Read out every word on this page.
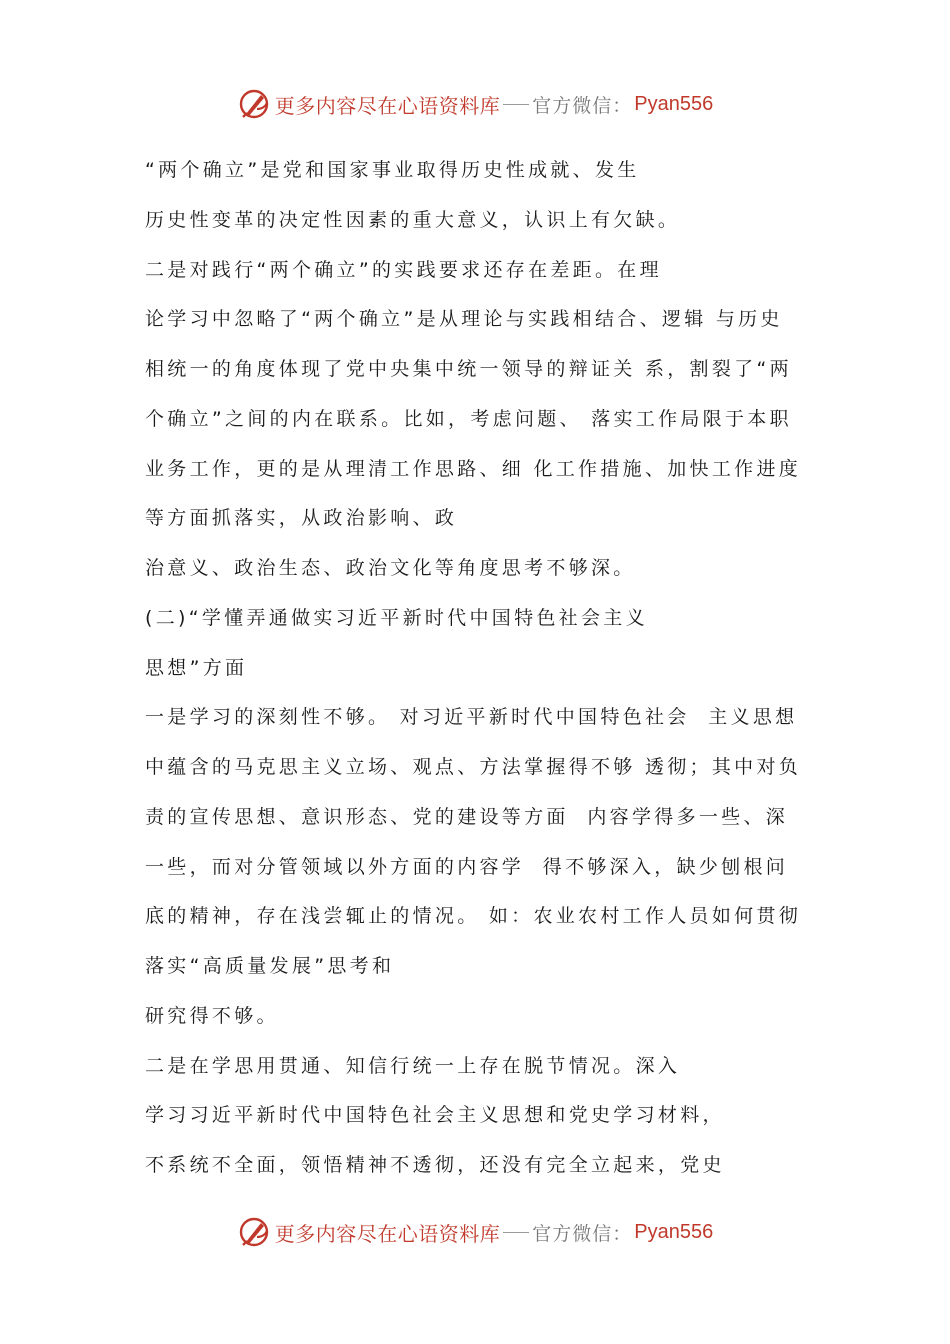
更多内容尽在心语资料库 官方微信： Pyan556
“两个确立”是党和国家事业取得历史性成就、发生
历史性变革的决定性因素的重大意义，认识上有欠缺。
二是对践行“两个确立”的实践要求还存在差距。在理
论学习中忽略了“两个确立”是从理论与实践相结合、逻辑 与历史
相统一的角度体现了党中央集中统一领导的辩证关 系，割裂了“两
个确立”之间的内在联系。比如，考虑问题、 落实工作局限于本职
业务工作，更的是从理清工作思路、细 化工作措施、加快工作进度
等方面抓落实，从政治影响、政
治意义、政治生态、政治文化等角度思考不够深。
(二)“学懂弄通做实习近平新时代中国特色社会主义
思想”方面
一是学习的深刻性不够。 对习近平新时代中国特色社会  主义思想
中蕴含的马克思主义立场、观点、方法掌握得不够 透彻；其中对负
责的宣传思想、意识形态、党的建设等方面  内容学得多一些、深
一些，而对分管领域以外方面的内容学  得不够深入，缺少刨根问
底的精神，存在浅尝辄止的情况。 如：农业农村工作人员如何贯彻
落实“高质量发展”思考和
研究得不够。
二是在学思用贯通、知信行统一上存在脱节情况。深入
学习习近平新时代中国特色社会主义思想和党史学习材料，
不系统不全面，领悟精神不透彻，还没有完全立起来，党史
更多内容尽在心语资料库 官方微信： Pyan556
